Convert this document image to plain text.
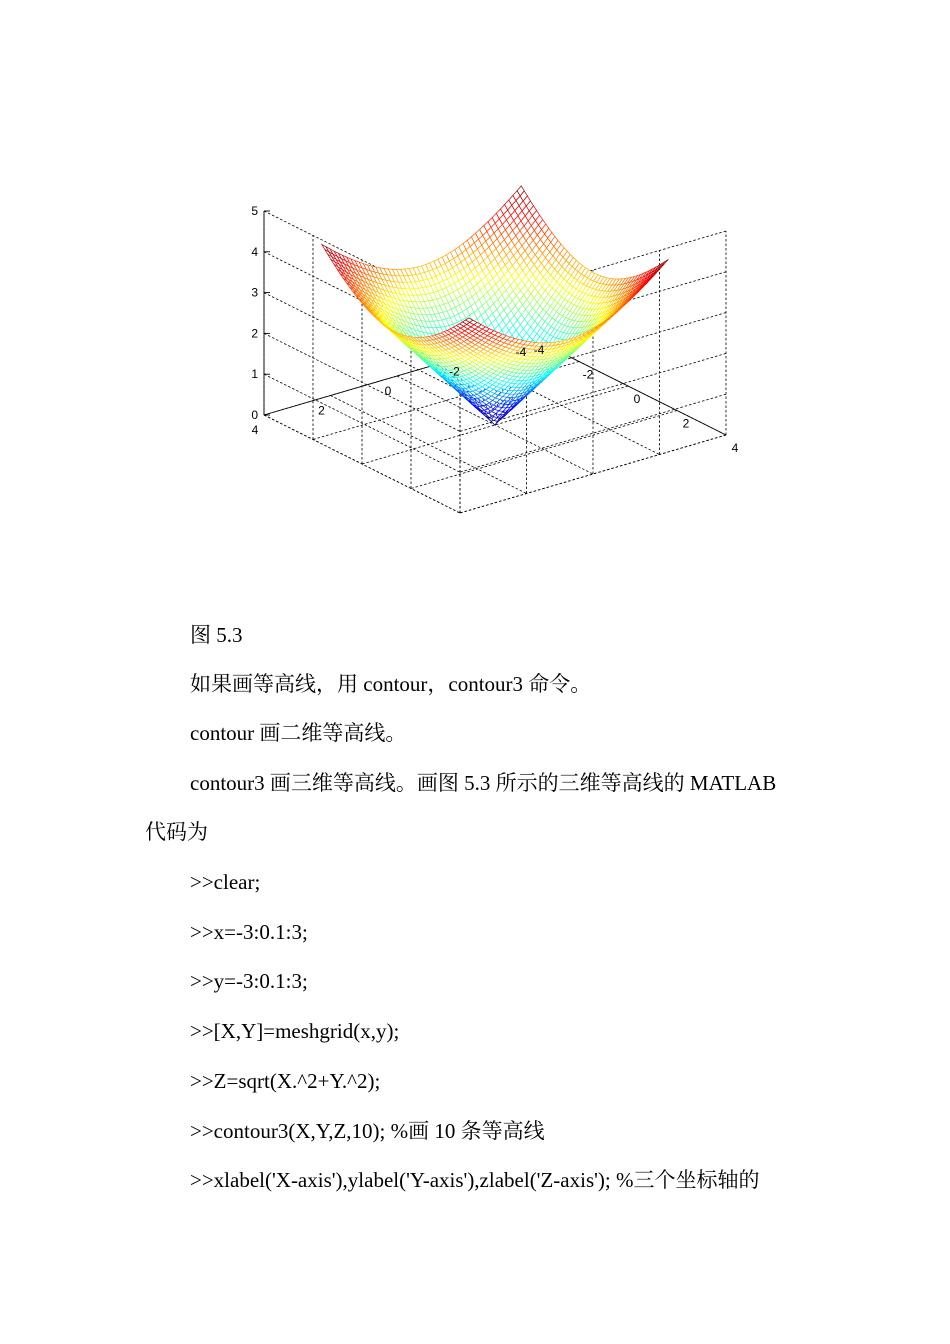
0
1
2
3
4
5
-4
-2
0
2
4
-4
-2
0
2
4
图 5.3
如果画等高线，用 contour，contour3 命令。
contour 画二维等高线。
contour3 画三维等高线。画图 5.3 所示的三维等高线的 MATLAB
代码为
>>clear;
>>x=-3:0.1:3;
>>y=-3:0.1:3;
>>[X,Y]=meshgrid(x,y);
>>Z=sqrt(X.^2+Y.^2);
>>contour3(X,Y,Z,10); %画 10 条等高线
>>xlabel('X-axis'),ylabel('Y-axis'),zlabel('Z-axis'); %三个坐标轴的
